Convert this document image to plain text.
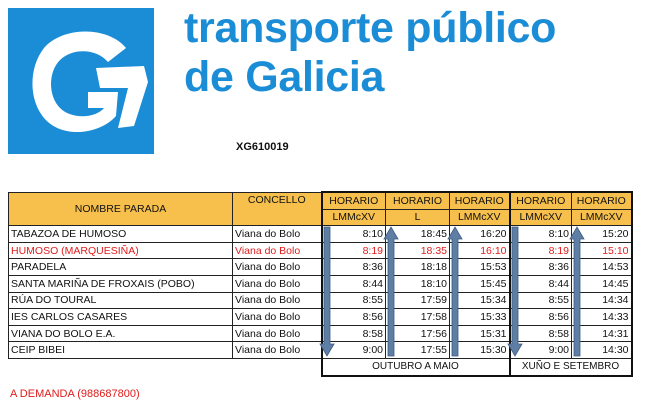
transporte público
de Galicia
XG610019
NOMBRE PARADA	CONCELLO	HORARIO	HORARIO	HORARIO	HORARIO	HORARIO
		LMMcXV	L	LMMcXV	LMMcXV	LMMcXV
TABAZOA DE HUMOSO	Viana do Bolo	8:10	18:45	16:20	8:10	15:20
HUMOSO (MARQUESIÑA)	Viana do Bolo	8:19	18:35	16:10	8:19	15:10
PARADELA	Viana do Bolo	8:36	18:18	15:53	8:36	14:53
SANTA MARIÑA DE FROXAIS (POBO)	Viana do Bolo	8:44	18:10	15:45	8:44	14:45
RÚA DO TOURAL	Viana do Bolo	8:55	17:59	15:34	8:55	14:34
IES CARLOS CASARES	Viana do Bolo	8:56	17:58	15:33	8:56	14:33
VIANA DO BOLO E.A.	Viana do Bolo	8:58	17:56	15:31	8:58	14:31
CEIP BIBEI	Viana do Bolo	9:00	17:55	15:30	9:00	14:30
		OUTUBRO A MAIO			XUÑO E SETEMBRO	
A DEMANDA (988687800)
